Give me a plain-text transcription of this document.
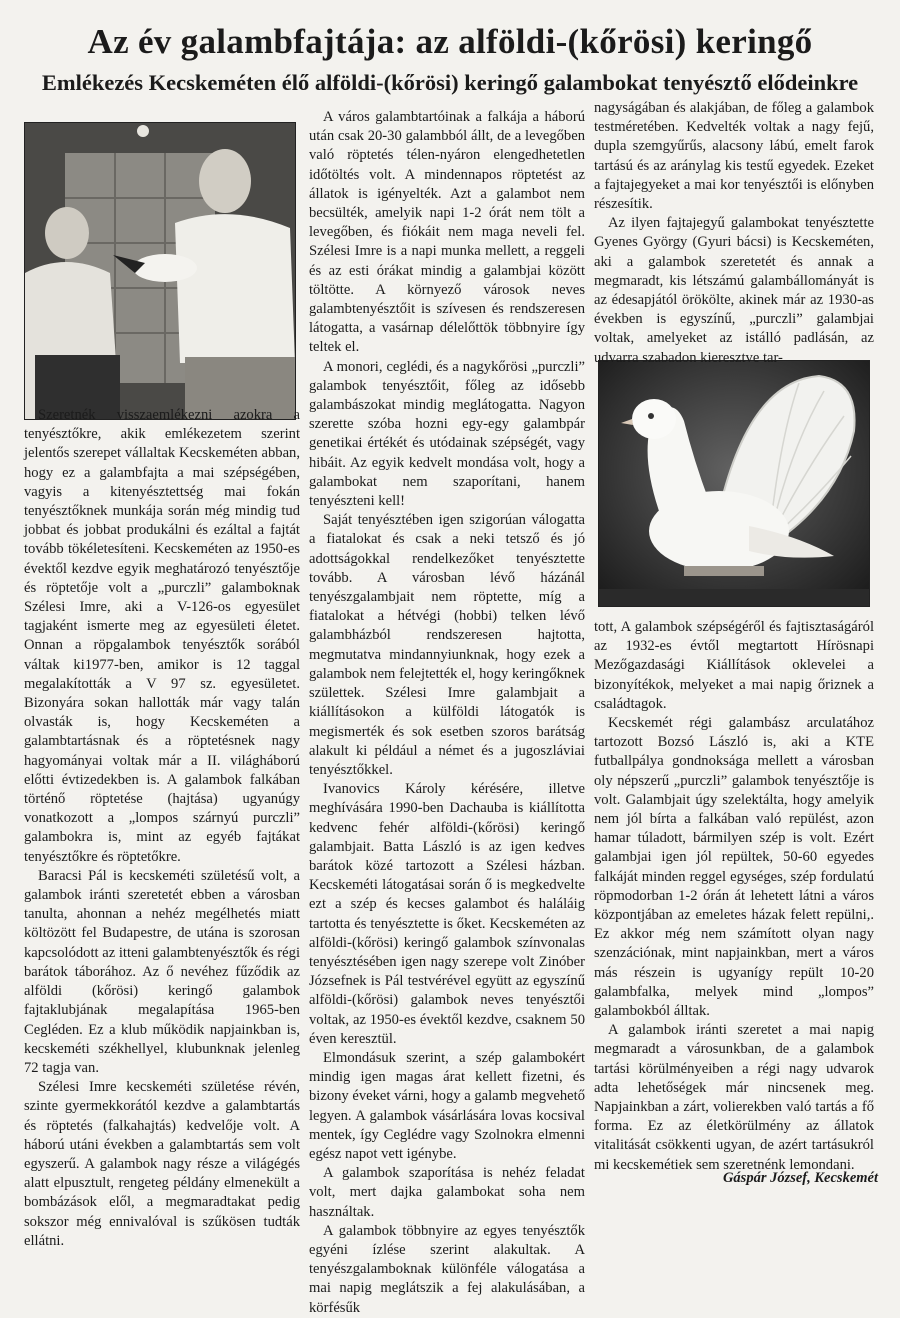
Az év galambfajtája: az alföldi-(kőrösi) keringő
Emlékezés Kecskeméten élő alföldi-(kőrösi) keringő galambokat tenyésztő elődeinkre

Szeretnék visszaemlékezni azokra a tenyésztőkre, akik emlékezetem szerint jelentős szerepet vállaltak Kecskeméten abban, hogy ez a galambfajta a mai szépségében, vagyis a kitenyésztettség mai fokán tenyésztőknek munkája során még mindig tud jobbat és jobbat produkálni és ezáltal a fajtát tovább tökéletesíteni. Kecskeméten az 1950-es évektől kezdve egyik meghatározó tenyésztője és röptetője volt a „purczli” galamboknak Szélesi Imre, aki a V-126-os egyesület tagjaként ismerte meg az egyesületi életet. Onnan a röpgalambok tenyésztők sorából váltak ki1977-ben, amikor is 12 taggal megalakították a V 97 sz. egyesületet. Bizonyára sokan hallották már vagy talán olvasták is, hogy Kecskeméten a galambtartásnak és a röptetésnek nagy hagyományai voltak már a II. világháború előtti évtizedekben is. A galambok falkában történő röptetése (hajtása) ugyanúgy vonatkozott a „lompos szárnyú purczli” galambokra is, mint az egyéb fajtákat tenyésztőkre és röptetőkre.

Baracsi Pál is kecskeméti születésű volt, a galambok iránti szeretetét ebben a városban tanulta, ahonnan a nehéz megélhetés miatt költözött fel Budapestre, de utána is szorosan kapcsolódott az itteni galambtenyésztők és régi barátok táborához. Az ő nevéhez fűződik az alföldi (kőrösi) keringő galambok fajtaklubjának megalapítása 1965-ben Cegléden. Ez a klub működik napjainkban is, kecskeméti székhellyel, klubunknak jelenleg 72 tagja van.

Szélesi Imre kecskeméti születése révén, szinte gyermekkorától kezdve a galambtartás és röptetés (falkahajtás) kedvelője volt. A háború utáni években a galambtartás sem volt egyszerű. A galambok nagy része a világégés alatt elpusztult, rengeteg példány elmenekült a bombázások elől, a megmaradtakat pedig sokszor még ennivalóval is szűkösen tudták ellátni.

A város galambtartóinak a falkája a háború után csak 20-30 galambból állt, de a levegőben való röptetés télen-nyáron elengedhetetlen időtöltés volt. A mindennapos röptetést az állatok is igényelték. Azt a galambot nem becsülték, amelyik napi 1-2 órát nem tölt a levegőben, és fiókáit nem maga neveli fel. Szélesi Imre is a napi munka mellett, a reggeli és az esti órákat mindig a galambjai között töltötte. A környező városok neves galambtenyésztőit is szívesen és rendszeresen látogatta, a vasárnap délelőttök többnyire így teltek el.

A monori, ceglédi, és a nagykőrösi „purczli” galambok tenyésztőit, főleg az idősebb galambászokat mindig meglátogatta. Nagyon szerette szóba hozni egy-egy galambpár genetikai értékét és utódainak szépségét, vagy hibáit. Az egyik kedvelt mondása volt, hogy a galambokat nem szaporítani, hanem tenyészteni kell!

Saját tenyésztében igen szigorúan válogatta a fiatalokat és csak a neki tetsző és jó adottságokkal rendelkezőket tenyésztette tovább. A városban lévő házánál tenyészgalambjait nem röptette, míg a fiatalokat a hétvégi (hobbi) telken lévő galambházból rendszeresen hajtotta, megmutatva mindannyiunknak, hogy ezek a galambok nem felejtették el, hogy keringőknek születtek. Szélesi Imre galambjait a kiállításokon a külföldi látogatók is megismerték és sok esetben szoros barátság alakult ki például a német és a jugoszláviai tenyésztőkkel.

Ivanovics Károly kérésére, illetve meghívására 1990-ben Dachauba is kiállította kedvenc fehér alföldi-(kőrösi) keringő galambjait. Batta László is az igen kedves barátok közé tartozott a Szélesi házban. Kecskeméti látogatásai során ő is megkedvelte ezt a szép és kecses galambot és haláláig tartotta és tenyésztette is őket. Kecskeméten az alföldi-(kőrösi) keringő galambok színvonalas tenyésztésében igen nagy szerepe volt Zinóber Józsefnek is Pál testvérével együtt az egyszínű alföldi-(kőrösi) galambok neves tenyésztői voltak, az 1950-es évektől kezdve, csaknem 50 éven keresztül.

Elmondásuk szerint, a szép galambokért mindig igen magas árat kellett fizetni, és bizony éveket várni, hogy a galamb megvehető legyen. A galambok vásárlására lovas kocsival mentek, így Ceglédre vagy Szolnokra elmenni egész napot vett igénybe.

A galambok szaporítása is nehéz feladat volt, mert dajka galambokat soha nem használtak.

A galambok többnyire az egyes tenyésztők egyéni ízlése szerint alakultak. A tenyészgalamboknak különféle válogatása a mai napig meglátszik a fej alakulásában, a körfésűk

nagyságában és alakjában, de főleg a galambok testméretében. Kedvelték voltak a nagy fejű, dupla szemgyűrűs, alacsony lábú, emelt farok tartású és az aránylag kis testű egyedek. Ezeket a fajtajegyeket a mai kor tenyésztői is előnyben részesítik.

Az ilyen fajtajegyű galambokat tenyésztette Gyenes György (Gyuri bácsi) is Kecskeméten, aki a galambok szeretetét és annak a megmaradt, kis létszámú galambállományát is az édesapjától örökölte, akinek már az 1930-as években is egyszínű, „purczli” galambjai voltak, amelyeket az istálló padlásán, az udvarra szabadon kieresztve tar-

tott, A galambok szépségéről és fajtisztaságáról az 1932-es évtől megtartott Hírösnapi Mezőgazdasági Kiállítások oklevelei a bizonyítékok, melyeket a mai napig őriznek a családtagok.

Kecskemét régi galambász arculatához tartozott Bozsó László is, aki a KTE futballpálya gondnoksága mellett a városban oly népszerű „purczli” galambok tenyésztője is volt. Galambjait úgy szelektálta, hogy amelyik nem jól bírta a falkában való repülést, azon hamar túladott, bármilyen szép is volt. Ezért galambjai igen jól repültek, 50-60 egyedes falkáját minden reggel egységes, szép fordulatú röpmodorban 1-2 órán át lehetett látni a város központjában az emeletes házak felett repülni,. Ez akkor még nem számított olyan nagy szenzációnak, mint napjainkban, mert a város más részein is ugyanígy repült 10-20 galambfalka, melyek mind „lompos” galambokból álltak.

A galambok iránti szeretet a mai napig megmaradt a városunkban, de a galambok tartási körülményeiben a régi nagy udvarok adta lehetőségek már nincsenek meg. Napjainkban a zárt, volierekben való tartás a fő forma. Ez az életkörülmény az állatok vitalitását csökkenti ugyan, de azért tartásukról mi kecskemétiek sem szeretnénk lemondani.

Gáspár József, Kecskemét
